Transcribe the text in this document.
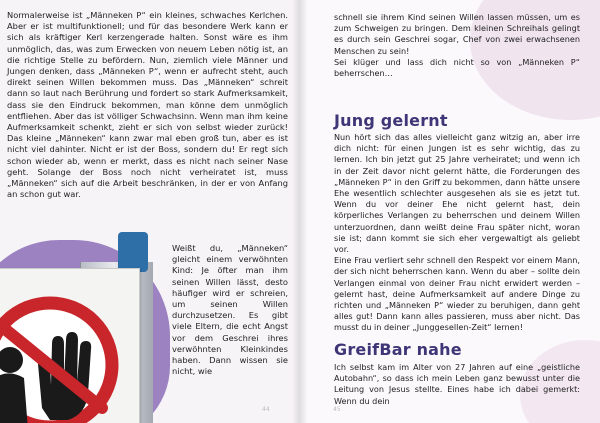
Normalerweise ist „Männeken P“ ein kleines, schwaches Kerlchen. Aber er ist multifunktionell; und für das besondere Werk kann er sich als kräftiger Kerl kerzengerade halten. Sonst wäre es ihm unmöglich, das, was zum Erwecken von neuem Leben nötig ist, an die richtige Stelle zu befördern. Nun, ziemlich viele Männer und Jungen denken, dass „Männeken P“, wenn er aufrecht steht, auch direkt seinen Willen bekommen muss. Das „Männeken“ schreit dann so laut nach Berührung und fordert so stark Aufmerksamkeit, dass sie den Eindruck bekommen, man könne dem unmöglich entfliehen. Aber das ist völliger Schwachsinn. Wenn man ihm keine Aufmerksamkeit schenkt, zieht er sich von selbst wieder zurück! Das kleine „Männeken“ kann zwar mal eben groß tun, aber es ist nicht viel dahinter. Nicht er ist der Boss, sondern du! Er regt sich schon wieder ab, wenn er merkt, dass es nicht nach seiner Nase geht. Solange der Boss noch nicht verheiratet ist, muss „Männeken“ sich auf die Arbeit beschränken, in der er von Anfang an schon gut war.

Weißt du, „Männeken“ gleicht einem verwöhnten Kind: Je öfter man ihm seinen Willen lässt, desto häufiger wird er schreien, um seinen Willen durchzusetzen. Es gibt viele Eltern, die echt Angst vor dem Geschrei ihres verwöhnten Kleinkindes haben. Dann wissen sie nicht, wie

44

schnell sie ihrem Kind seinen Willen lassen müssen, um es zum Schweigen zu bringen. Dem kleinen Schreihals gelingt es durch sein Geschrei sogar, Chef von zwei erwachsenen Menschen zu sein!

Sei klüger und lass dich nicht so von „Männeken P“ beherrschen…

Jung gelernt

Nun hört sich das alles vielleicht ganz witzig an, aber irre dich nicht: für einen Jungen ist es sehr wichtig, das zu lernen. Ich bin jetzt gut 25 Jahre verheiratet; und wenn ich in der Zeit davor nicht gelernt hätte, die Forderungen des „Männeken P“ in den Griff zu bekommen, dann hätte unsere Ehe wesentlich schlechter ausgesehen als sie es jetzt tut. Wenn du vor deiner Ehe nicht gelernt hast, dein körperliches Verlangen zu beherrschen und deinem Willen unterzuordnen, dann weißt deine Frau später nicht, woran sie ist; dann kommt sie sich eher vergewaltigt als geliebt vor.

Eine Frau verliert sehr schnell den Respekt vor einem Mann, der sich nicht beherrschen kann. Wenn du aber – sollte dein Verlangen einmal von deiner Frau nicht erwidert werden – gelernt hast, deine Aufmerksamkeit auf andere Dinge zu richten und „Männeken P“ wieder zu beruhigen, dann geht alles gut! Dann kann alles passieren, muss aber nicht. Das musst du in deiner „Junggesellen-Zeit“ lernen!

GreifBar nahe

Ich selbst kam im Alter von 27 Jahren auf eine „geistliche Autobahn“, so dass ich mein Leben ganz bewusst unter die Leitung von Jesus stellte. Eines habe ich dabei gemerkt: Wenn du dein

45
